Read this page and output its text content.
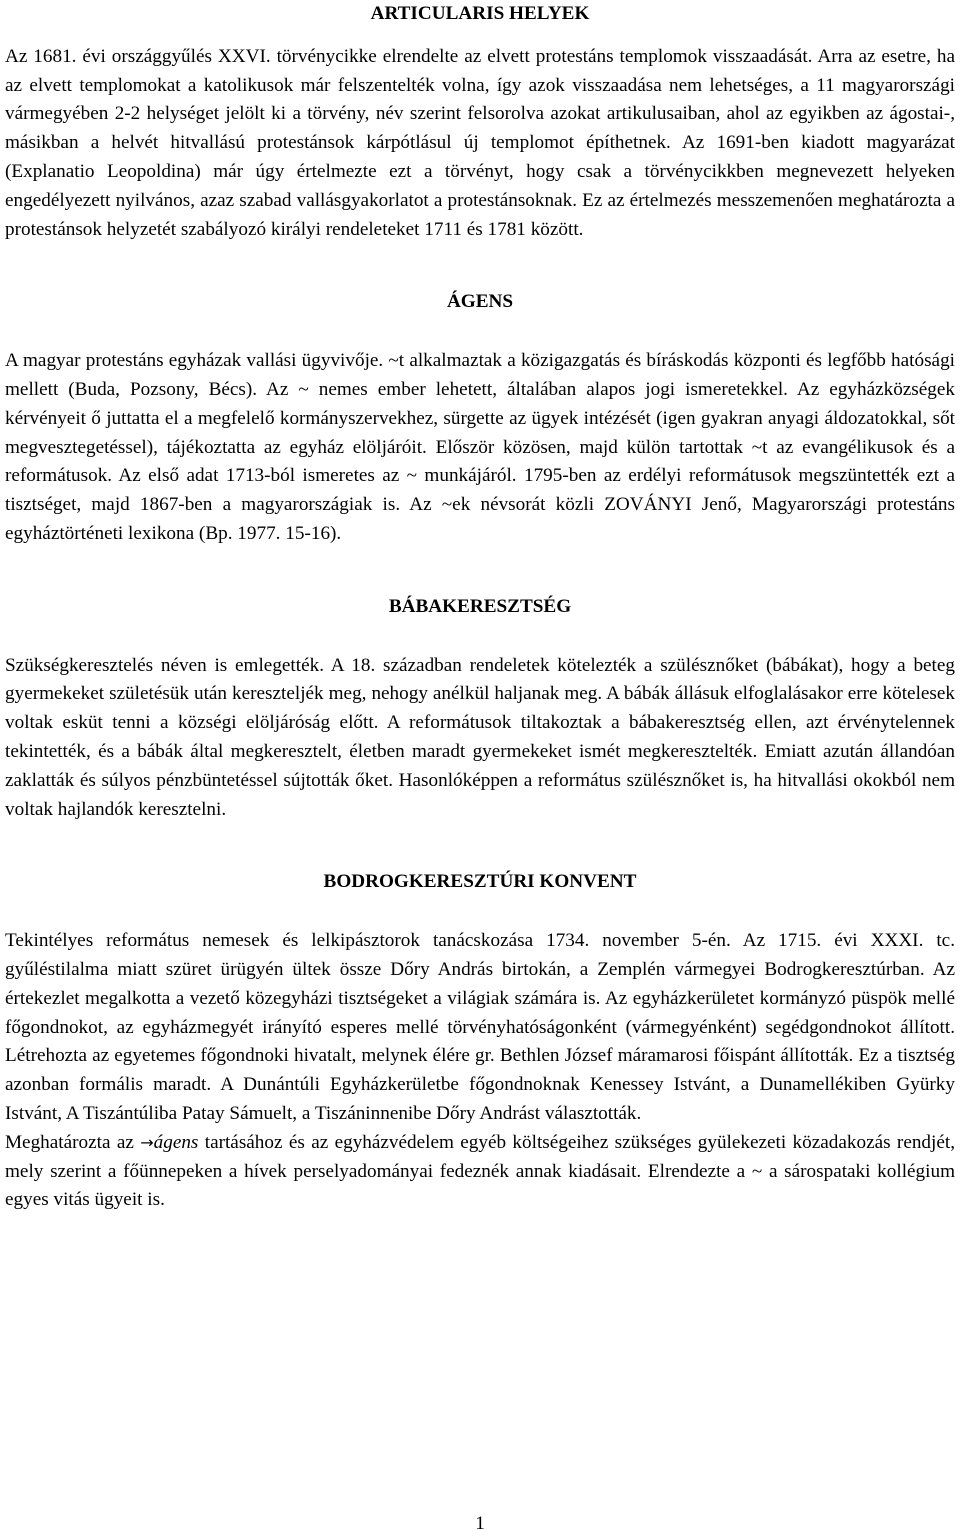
ARTICULARIS HELYEK

Az 1681. évi országgyűlés XXVI. törvénycikke elrendelte az elvett protestáns templomok visszaadását. Arra az esetre, ha az elvett templomokat a katolikusok már felszentelték volna, így azok visszaadása nem lehetséges, a 11 magyarországi vármegyében 2-2 helységet jelölt ki a törvény, név szerint felsorolva azokat artikulusaiban, ahol az egyikben az ágostai-, másikban a helvét hitvallású protestánsok kárpótlásul új templomot építhetnek. Az 1691-ben kiadott magyarázat (Explanatio Leopoldina) már úgy értelmezte ezt a törvényt, hogy csak a törvénycikkben megnevezett helyeken engedélyezett nyilvános, azaz szabad vallásgyakorlatot a protestánsoknak. Ez az értelmezés messzemenően meghatározta a protestánsok helyzetét szabályozó királyi rendeleteket 1711 és 1781 között.

ÁGENS

A magyar protestáns egyházak vallási ügyvivője. ~t alkalmaztak a közigazgatás és bíráskodás központi és legfőbb hatósági mellett (Buda, Pozsony, Bécs). Az ~ nemes ember lehetett, általában alapos jogi ismeretekkel. Az egyházközségek kérvényeit ő juttatta el a megfelelő kormányszervekhez, sürgette az ügyek intézését (igen gyakran anyagi áldozatokkal, sőt megvesztegetéssel), tájékoztatta az egyház elöljáróit. Először közösen, majd külön tartottak ~t az evangélikusok és a reformátusok. Az első adat 1713-ból ismeretes az ~ munkájáról. 1795-ben az erdélyi reformátusok megszüntették ezt a tisztséget, majd 1867-ben a magyarországiak is. Az ~ek névsorát közli ZOVÁNYI Jenő, Magyarországi protestáns egyháztörténeti lexikona (Bp. 1977. 15-16).

BÁBAKERESZTSÉG

Szükségkeresztelés néven is emlegették. A 18. században rendeletek kötelezték a szülésznőket (bábákat), hogy a beteg gyermekeket születésük után kereszteljék meg, nehogy anélkül haljanak meg. A bábák állásuk elfoglalásakor erre kötelesek voltak esküt tenni a községi elöljáróság előtt. A reformátusok tiltakoztak a bábakeresztség ellen, azt érvénytelennek tekintették, és a bábák által megkeresztelt, életben maradt gyermekeket ismét megkeresztelték. Emiatt azután állandóan zaklatták és súlyos pénzbüntetéssel sújtották őket. Hasonlóképpen a református szülésznőket is, ha hitvallási okokból nem voltak hajlandók keresztelni.

BODROGKERESZTÚRI KONVENT

Tekintélyes református nemesek és lelkipásztorok tanácskozása 1734. november 5-én. Az 1715. évi XXXI. tc. gyűléstilalma miatt szüret ürügyén ültek össze Dőry András birtokán, a Zemplén vármegyei Bodrogkeresztúrban. Az értekezlet megalkotta a vezető közegyházi tisztségeket a világiak számára is. Az egyházkerületet kormányzó püspök mellé főgondnokot, az egyházmegyét irányító esperes mellé törvényhatóságonként (vármegyénként) segédgondnokot állított. Létrehozta az egyetemes főgondnoki hivatalt, melynek élére gr. Bethlen József máramarosi főispánt állították. Ez a tisztség azonban formális maradt. A Dunántúli Egyházkerületbe főgondnoknak Kenessey Istvánt, a Dunamellékiben Gyürky Istvánt, A Tiszántúliba Patay Sámuelt, a Tiszáninnenibe Dőry Andrást választották.

Meghatározta az →ágens tartásához és az egyházvédelem egyéb költségeihez szükséges gyülekezeti közadakozás rendjét, mely szerint a főünnepeken a hívek perselyadományai fedeznék annak kiadásait. Elrendezte a ~ a sárospataki kollégium egyes vitás ügyeit is.

1
